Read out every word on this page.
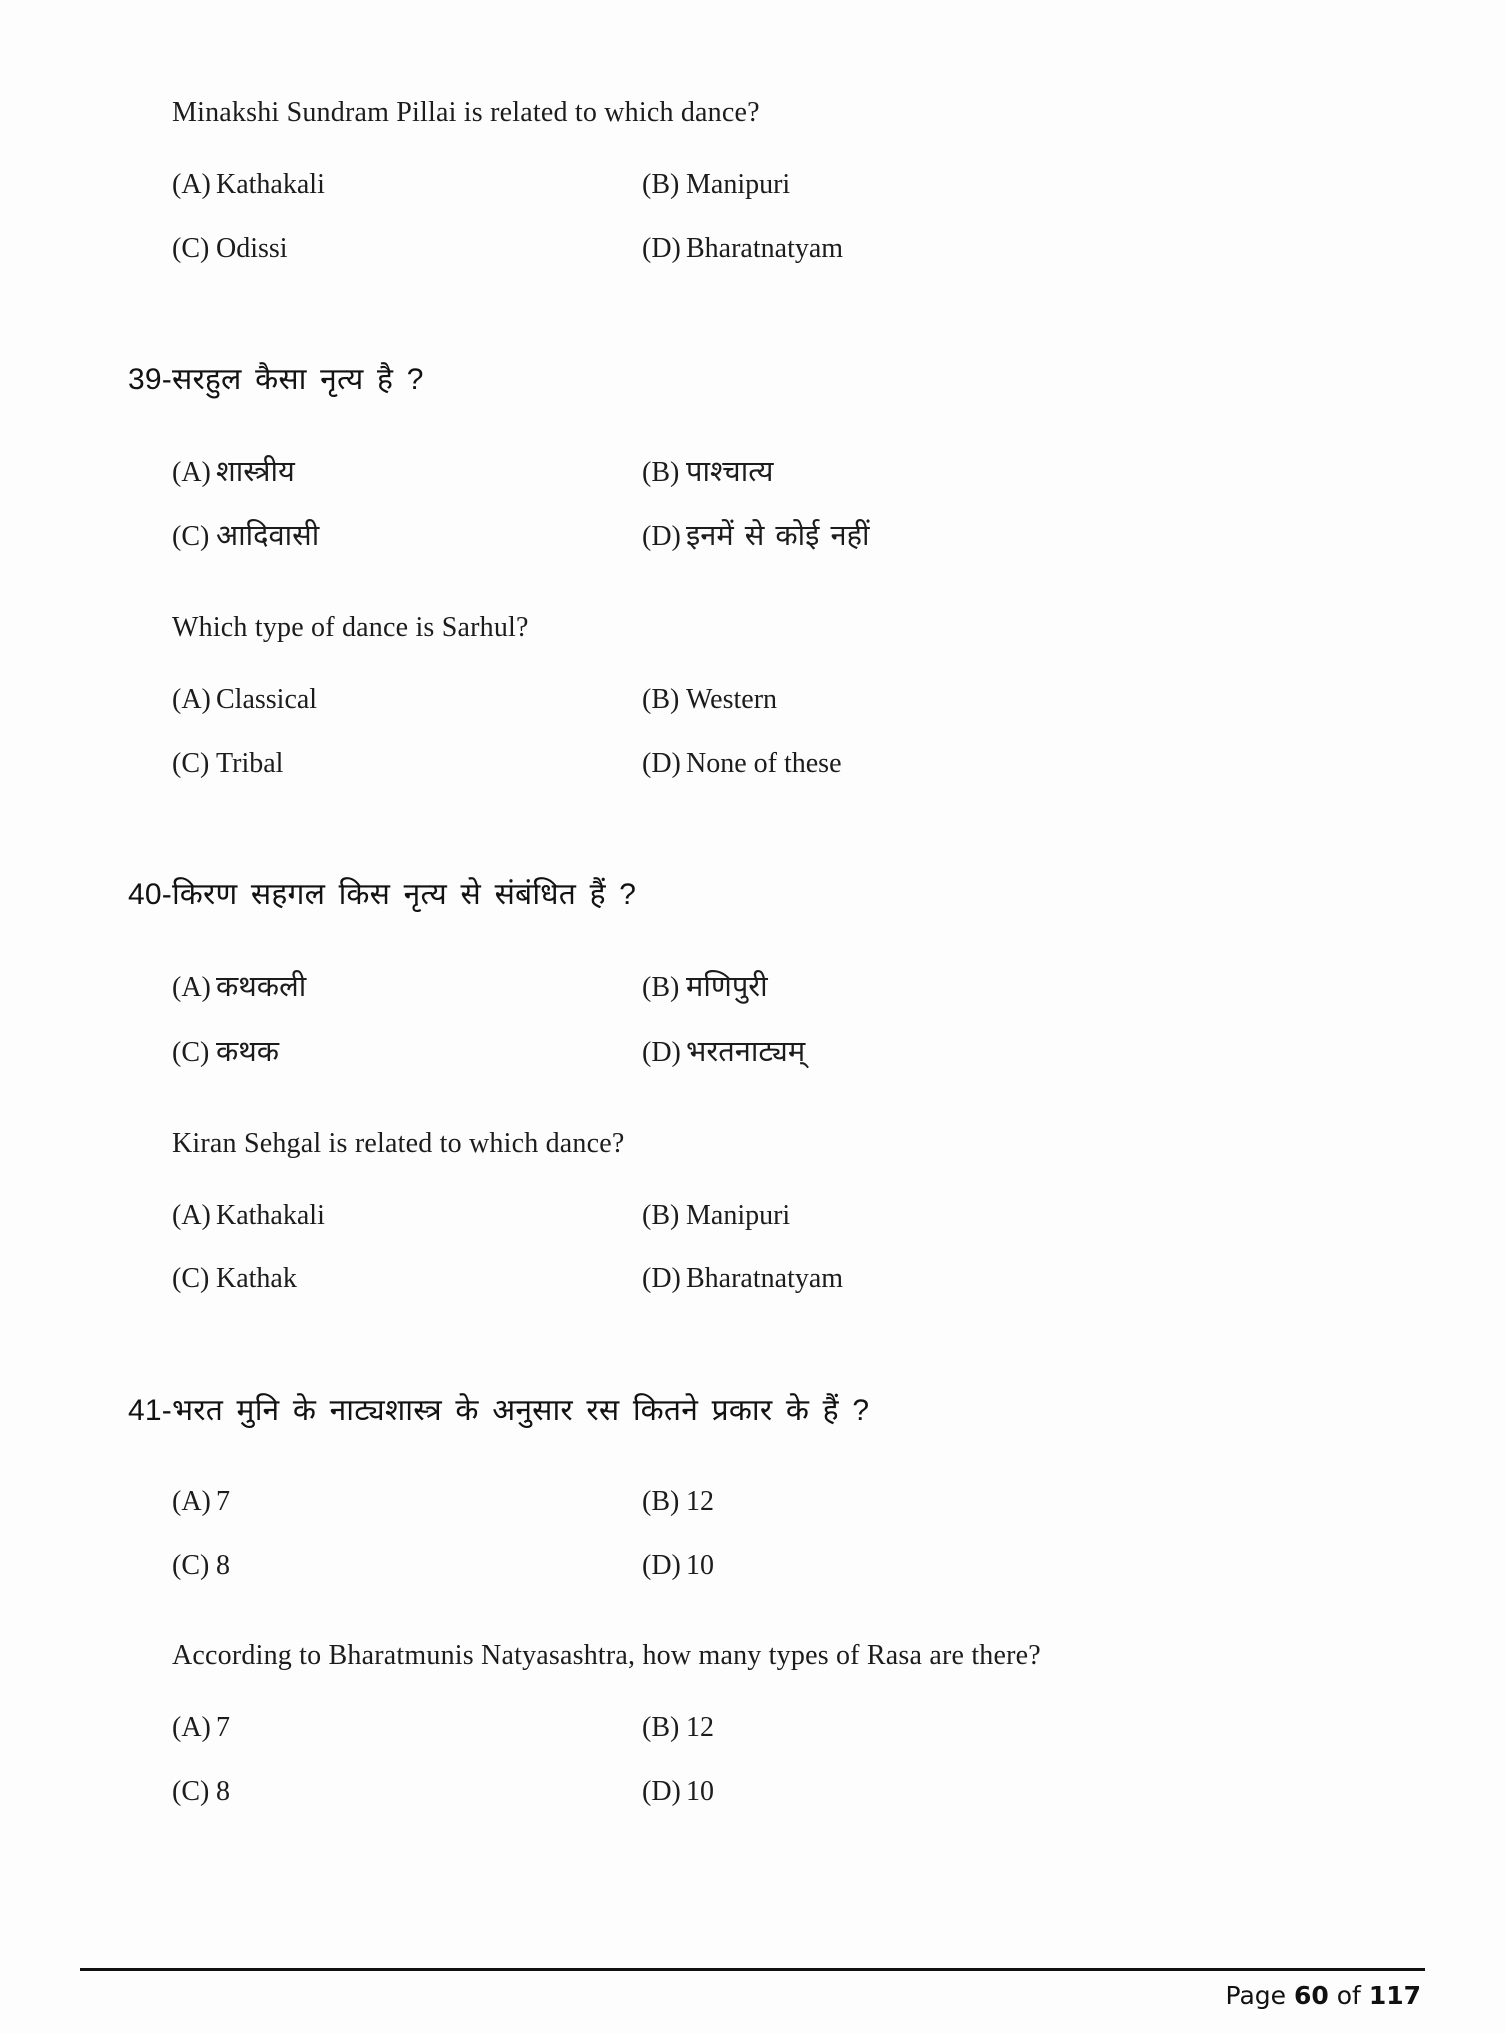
Minakshi Sundram Pillai is related to which dance?
(A) Kathakali	(B) Manipuri
(C) Odissi	(D) Bharatnatyam
39-सरहुल कैसा नृत्य है ?
(A) शास्त्रीय	(B) पाश्चात्य
(C) आदिवासी	(D) इनमें से कोई नहीं
Which type of dance is Sarhul?
(A) Classical	(B) Western
(C) Tribal	(D) None of these
40-किरण सहगल किस नृत्य से संबंधित हैं ?
(A) कथकली	(B) मणिपुरी
(C) कथक	(D) भरतनाट्यम्
Kiran Sehgal is related to which dance?
(A) Kathakali	(B) Manipuri
(C) Kathak	(D) Bharatnatyam
41-भरत मुनि के नाट्यशास्त्र के अनुसार रस कितने प्रकार के हैं ?
(A) 7	(B) 12
(C) 8	(D) 10
According to Bharatmunis Natyasashtra, how many types of Rasa are there?
(A) 7	(B) 12
(C) 8	(D) 10
Page 60 of 117
